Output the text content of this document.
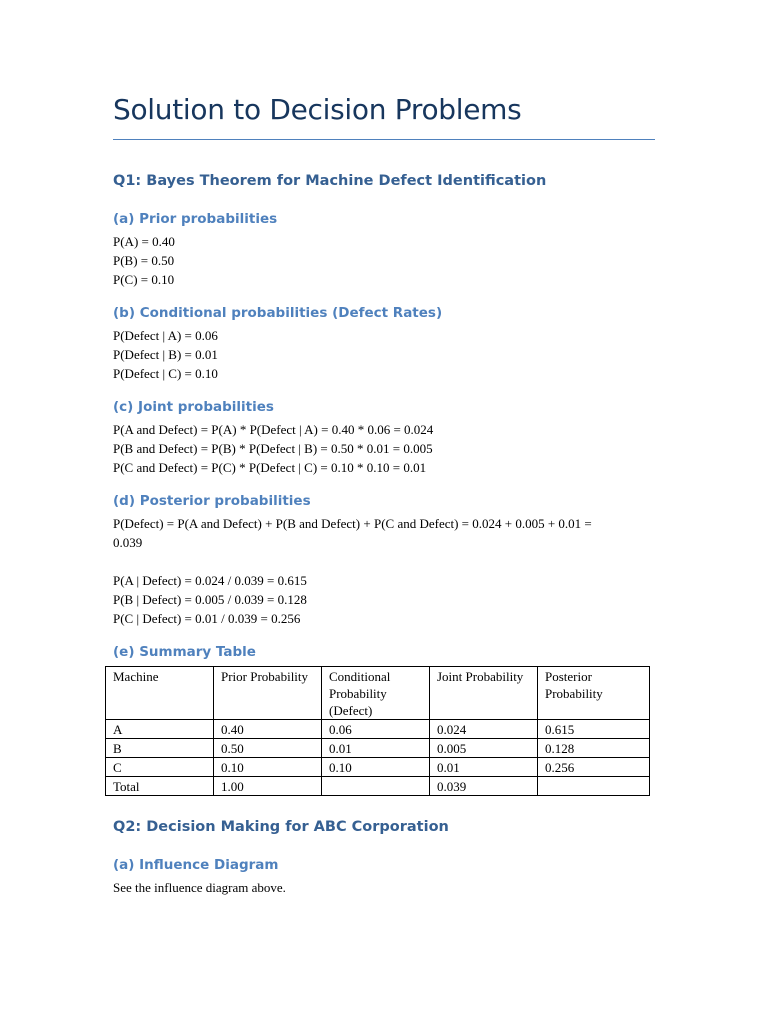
Solution to Decision Problems
Q1: Bayes Theorem for Machine Defect Identification
(a) Prior probabilities

P(A) = 0.40

P(B) = 0.50

P(C) = 0.10

(b) Conditional probabilities (Defect Rates)

P(Defect | A) = 0.06

P(Defect | B) = 0.01

P(Defect | C) = 0.10

(c) Joint probabilities

P(A and Defect) = P(A) * P(Defect | A) = 0.40 * 0.06 = 0.024

P(B and Defect) = P(B) * P(Defect | B) = 0.50 * 0.01 = 0.005

P(C and Defect) = P(C) * P(Defect | C) = 0.10 * 0.10 = 0.01

(d) Posterior probabilities

P(Defect) = P(A and Defect) + P(B and Defect) + P(C and Defect) = 0.024 + 0.005 + 0.01 =

0.039

P(A | Defect) = 0.024 / 0.039 = 0.615

P(B | Defect) = 0.005 / 0.039 = 0.128

P(C | Defect) = 0.01 / 0.039 = 0.256

(e) Summary Table
Machine	Prior Probability	Conditional Probability (Defect)	Joint Probability	Posterior Probability
A	0.40	0.06	0.024	0.615
B	0.50	0.01	0.005	0.128
C	0.10	0.10	0.01	0.256
Total	1.00		0.039	
Q2: Decision Making for ABC Corporation
(a) Influence Diagram

See the influence diagram above.
